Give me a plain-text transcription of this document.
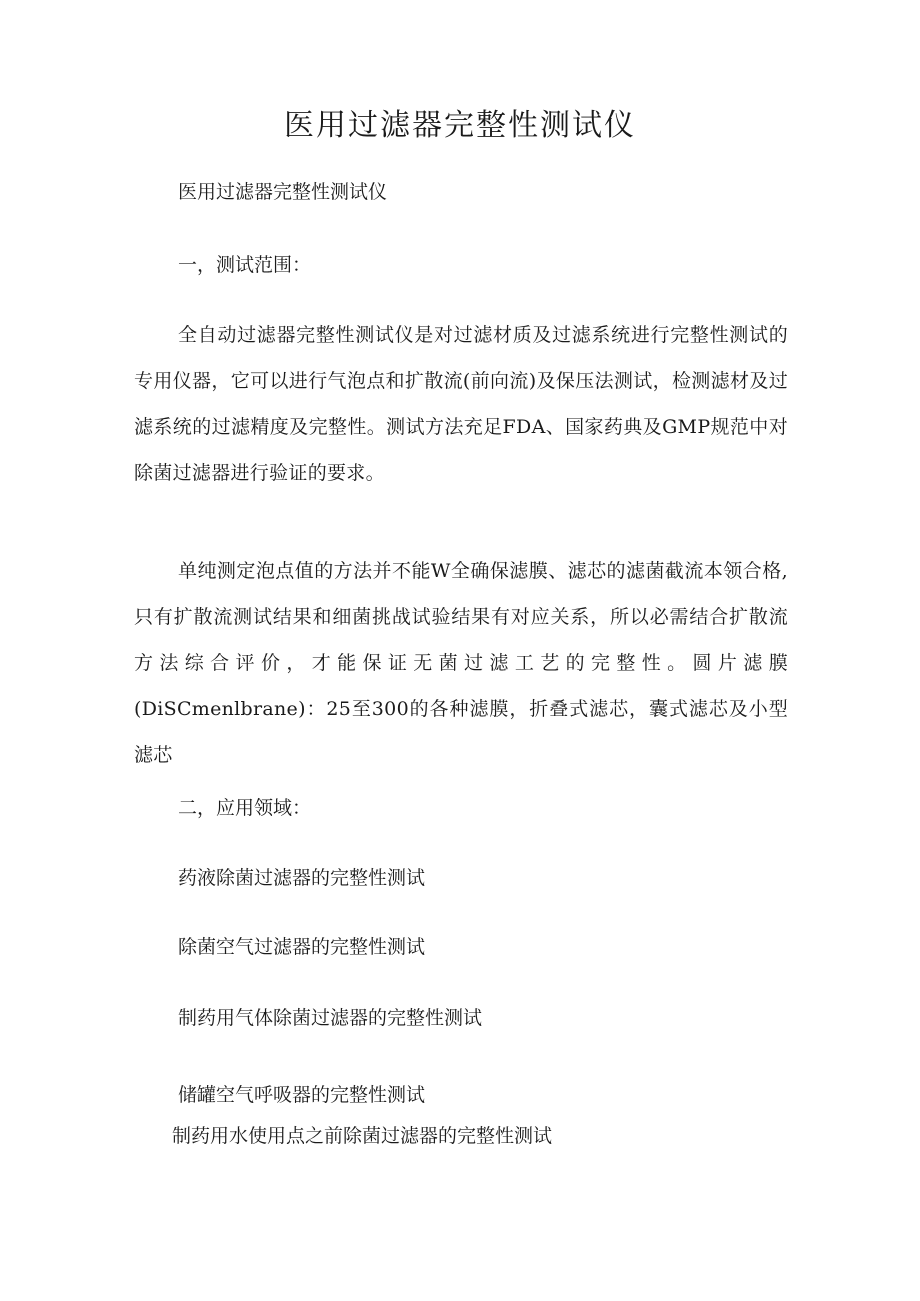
医用过滤器完整性测试仪

医用过滤器完整性测试仪

一，测试范围：

全自动过滤器完整性测试仪是对过滤材质及过滤系统进行完整性测试的专用仪器，它可以进行气泡点和扩散流(前向流)及保压法测试，检测滤材及过滤系统的过滤精度及完整性。测试方法充足FDA、国家药典及GMP规范中对除菌过滤器进行验证的要求。

单纯测定泡点值的方法并不能W全确保滤膜、滤芯的滤菌截流本领合格,只有扩散流测试结果和细菌挑战试验结果有对应关系，所以必需结合扩散流方法综合评价，才能保证无菌过滤工艺的完整性。圆片滤膜(DiSCmenlbrane)：25至300的各种滤膜，折叠式滤芯，囊式滤芯及小型滤芯

二，应用领域：

药液除菌过滤器的完整性测试

除菌空气过滤器的完整性测试

制药用气体除菌过滤器的完整性测试

储罐空气呼吸器的完整性测试

制药用水使用点之前除菌过滤器的完整性测试
